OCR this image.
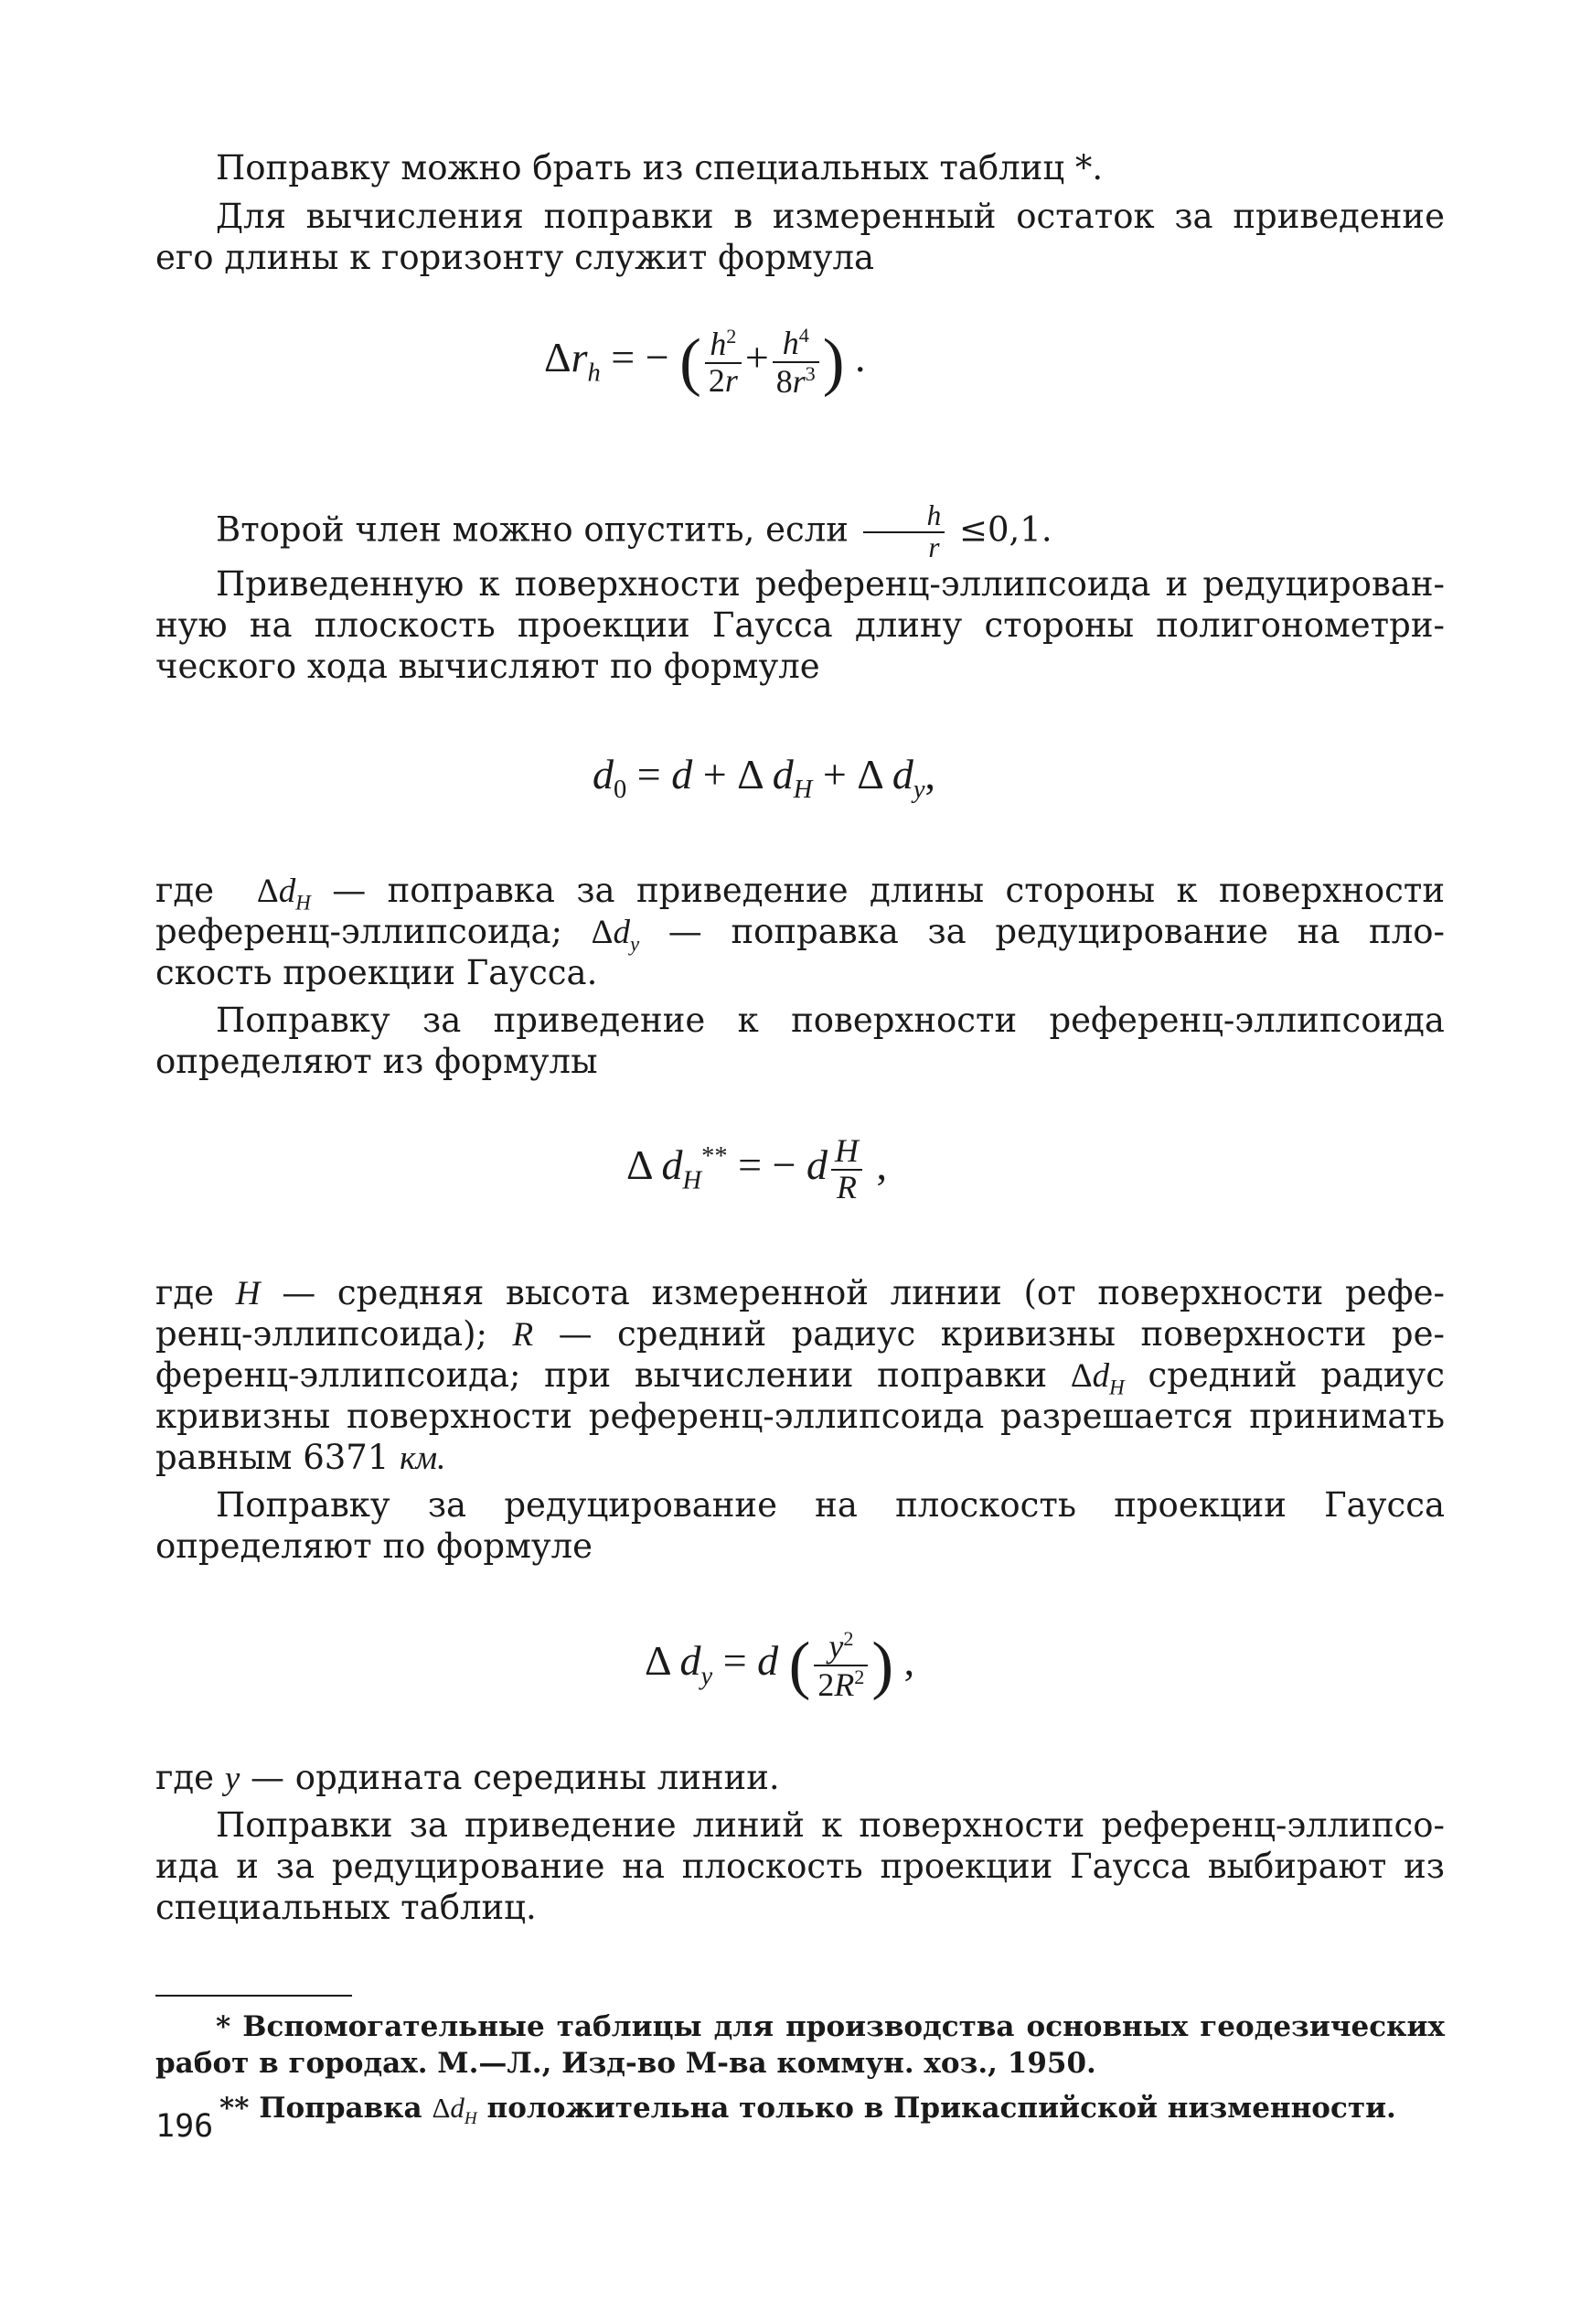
Поправку можно брать из специальных таблиц *.
Для вычисления поправки в измеренный остаток за приведение
его длины к горизонту служит формула
$\Delta r_h$ = − ( $\frac{h^2}{2r} + \frac{h^4}{8r^3}$ ) .
Второй член можно опустить, если $\frac{h}{r} \le 0,1$.
Приведенную к поверхности референц-эллипсоида и редуцирован-
ную на плоскость проекции Гаусса длину стороны полигонометри-
ческого хода вычисляют по формуле
$d_0 = d + \Delta$ $d_H + \Delta$ $d_y$,
где $\Delta d_H$ — поправка за приведение длины стороны к поверхности
референц-эллипсоида; $\Delta d_y$ — поправка за редуцирование на пло-
скость проекции Гаусса.
Поправку за приведение к поверхности референц-эллипсоида
определяют из формулы
Δ $d_H^{**}$ = − d $\frac{H}{R}$ ,
где H — средняя высота измеренной линии (от поверхности рефе-
ренц-эллипсоида); R — средний радиус кривизны поверхности ре-
ференц-эллипсоида; при вычислении поправки $\Delta d_H$ средний радиус
кривизны поверхности референц-эллипсоида разрешается принимать
равным 6371 км.
Поправку за редуцирование на плоскость проекции Гаусса
определяют по формуле
Δ $d_y = d$ ( $\frac{y^2}{2R^2}$ ) ,
где y — ордината середины линии.
Поправки за приведение линий к поверхности референц-эллипсо-
ида и за редуцирование на плоскость проекции Гаусса выбирают из
специальных таблиц.
* Вспомогательные таблицы для производства основных геодезических
работ в городах. М.—Л., Изд-во М-ва коммун. хоз., 1950.
** Поправка $\Delta d_H$ положительна только в Прикаспийской низменности.
196
